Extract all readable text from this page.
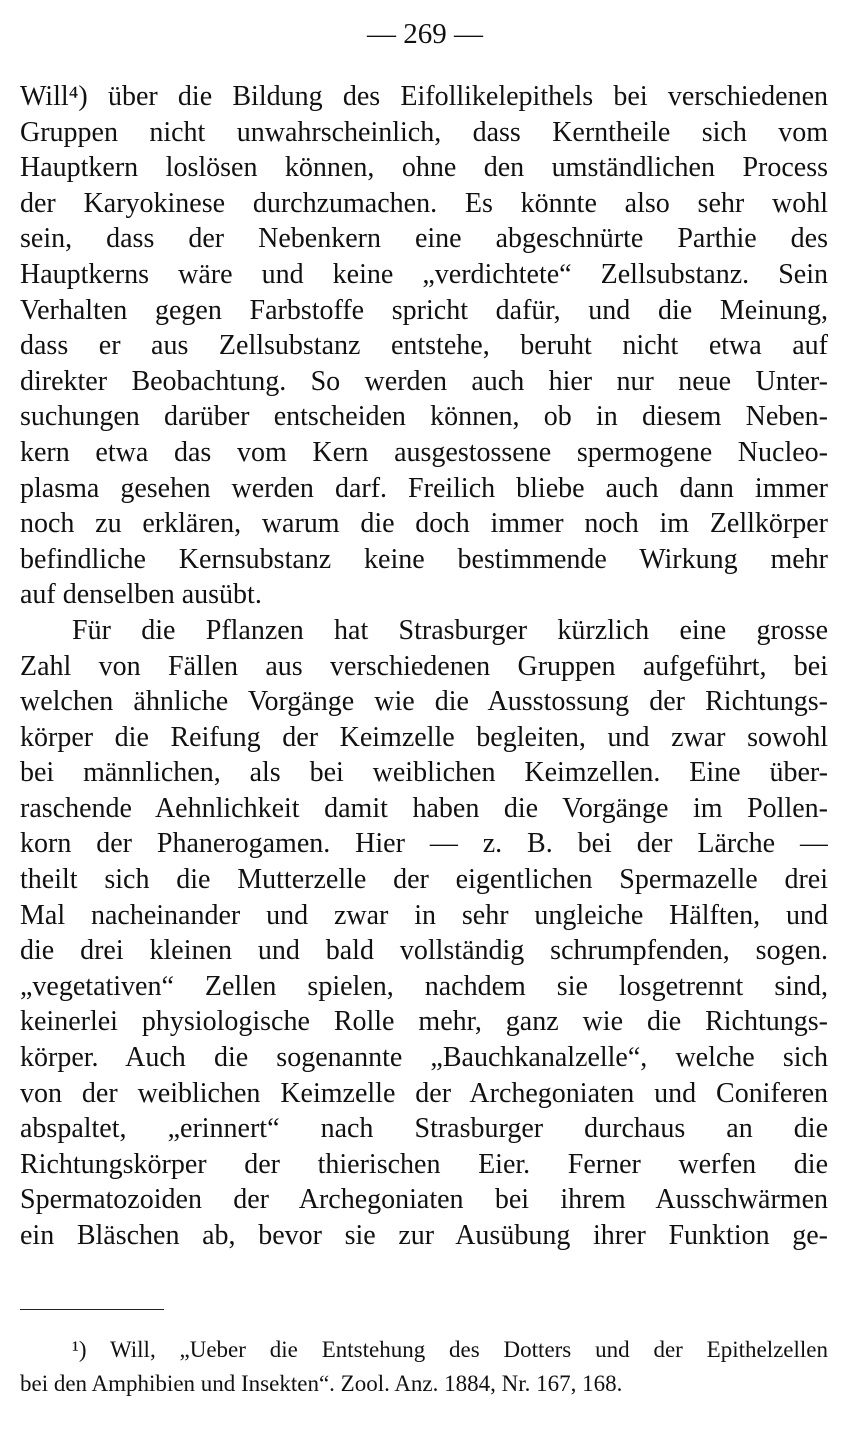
— 269 —
Will⁴) über die Bildung des Eifollikelepithels bei verschiedenen
Gruppen nicht unwahrscheinlich, dass Kerntheile sich vom
Hauptkern loslösen können, ohne den umständlichen Process
der Karyokinese durchzumachen. Es könnte also sehr wohl
sein, dass der Nebenkern eine abgeschnürte Parthie des
Hauptkerns wäre und keine „verdichtete“ Zellsubstanz. Sein
Verhalten gegen Farbstoffe spricht dafür, und die Meinung,
dass er aus Zellsubstanz entstehe, beruht nicht etwa auf
direkter Beobachtung. So werden auch hier nur neue Unter-
suchungen darüber entscheiden können, ob in diesem Neben-
kern etwa das vom Kern ausgestossene spermogene Nucleo-
plasma gesehen werden darf. Freilich bliebe auch dann immer
noch zu erklären, warum die doch immer noch im Zellkörper
befindliche Kernsubstanz keine bestimmende Wirkung mehr
auf denselben ausübt.
Für die Pflanzen hat Strasburger kürzlich eine grosse
Zahl von Fällen aus verschiedenen Gruppen aufgeführt, bei
welchen ähnliche Vorgänge wie die Ausstossung der Richtungs-
körper die Reifung der Keimzelle begleiten, und zwar sowohl
bei männlichen, als bei weiblichen Keimzellen. Eine über-
raschende Aehnlichkeit damit haben die Vorgänge im Pollen-
korn der Phanerogamen. Hier — z. B. bei der Lärche —
theilt sich die Mutterzelle der eigentlichen Spermazelle drei
Mal nacheinander und zwar in sehr ungleiche Hälften, und
die drei kleinen und bald vollständig schrumpfenden, sogen.
„vegetativen“ Zellen spielen, nachdem sie losgetrennt sind,
keinerlei physiologische Rolle mehr, ganz wie die Richtungs-
körper. Auch die sogenannte „Bauchkanalzelle“, welche sich
von der weiblichen Keimzelle der Archegoniaten und Coniferen
abspaltet, „erinnert“ nach Strasburger durchaus an die
Richtungskörper der thierischen Eier. Ferner werfen die
Spermatozoiden der Archegoniaten bei ihrem Ausschwärmen
ein Bläschen ab, bevor sie zur Ausübung ihrer Funktion ge-
¹) Will, „Ueber die Entstehung des Dotters und der Epithelzellen
bei den Amphibien und Insekten“. Zool. Anz. 1884, Nr. 167, 168.
